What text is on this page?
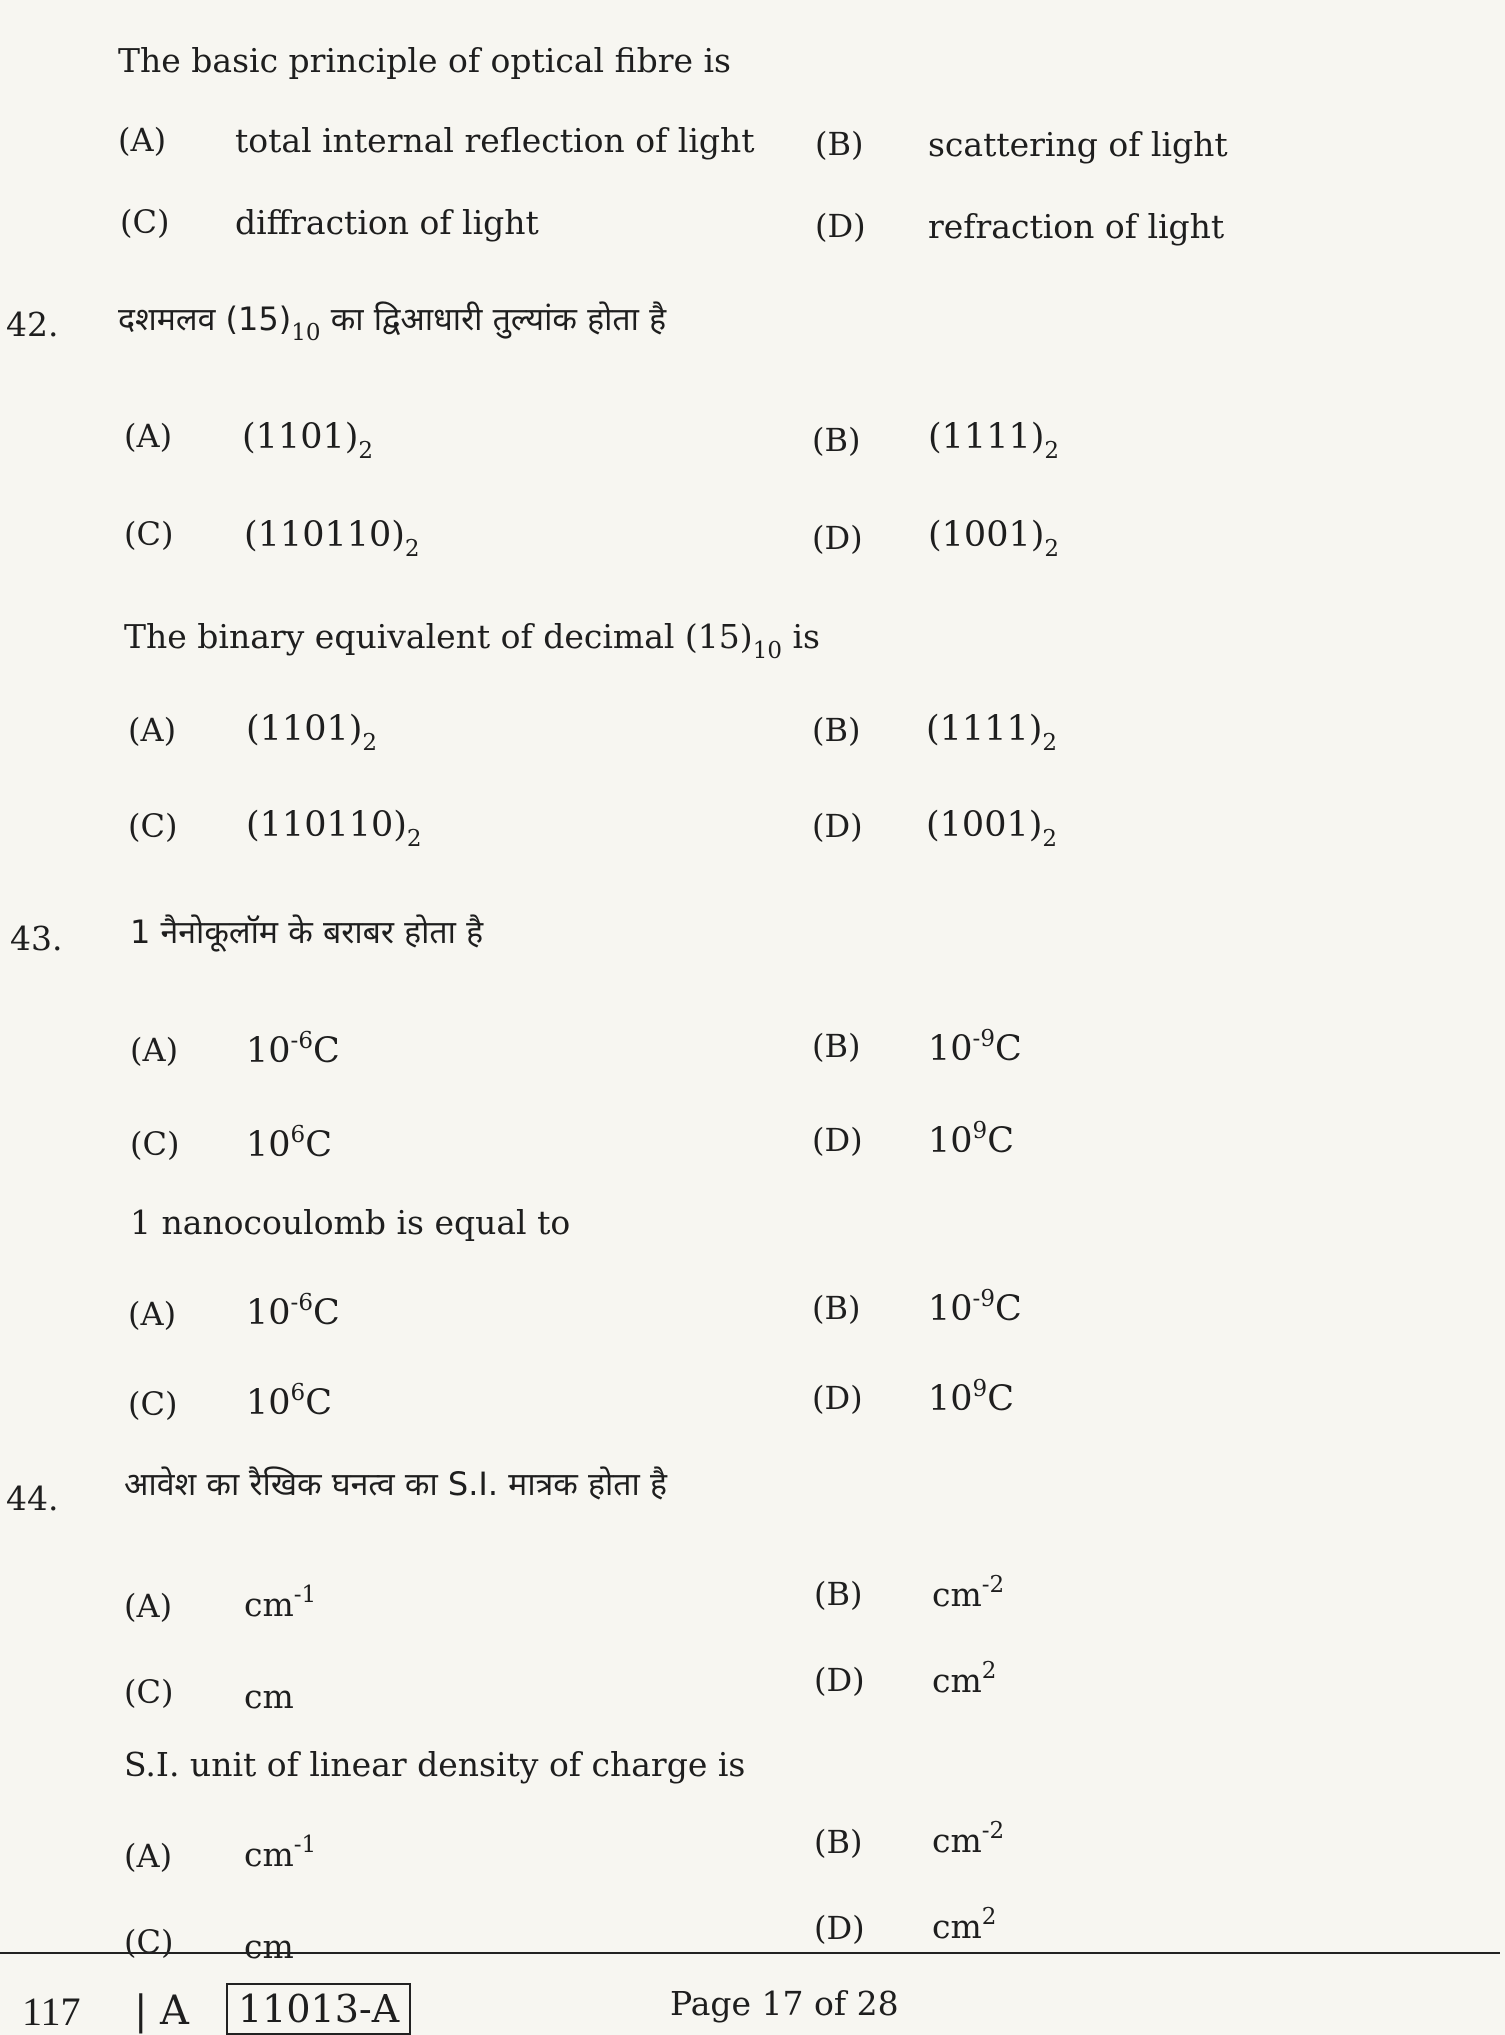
The basic principle of optical fibre is
(A) total internal reflection of light (B) scattering of light
(C) diffraction of light	(D) refraction of light
42. दशमलव $(15)_{10}$ का द्विआधारी तुल्यांक होता है
(A) $(1101)_2$	(B) $(1111)_2$
(C) $(110110)_2$	(D) $(1001)_2$
The binary equivalent of decimal $(15)_{10}$ is
(A) $(1101)_2$	(B) $(1111)_2$
(C) $(110110)_2$	(D) $(1001)_2$
43. 1 नैनोकूलॉम के बराबर होता है
(A) $10^{-6}C$	(B) $10^{-9}C$
(C) $10^6C$	(D) $10^9C$
1 nanocoulomb is equal to
(A) $10^{-6}C$	(B) $10^{-9}C$
(C) $10^6C$	(D) $10^9C$
44. आवेश का रैखिक घनत्व का S.I. मात्रक होता है
(A) $cm^{-1}$	(B) $cm^{-2}$
(C) cm	(D) $cm^2$
S.I. unit of linear density of charge is
(A) $cm^{-1}$	(B) $cm^{-2}$
(C) cm	(D) $cm^2$
117 | A	11013-A	Page 17 of 28
